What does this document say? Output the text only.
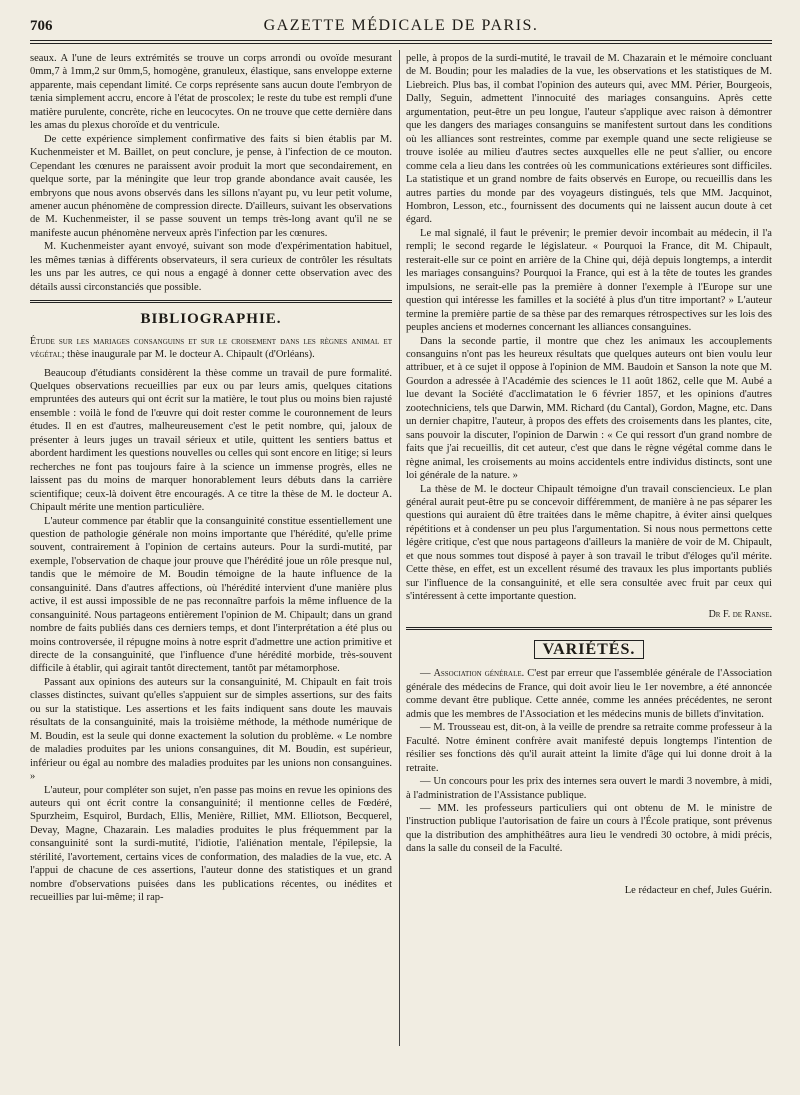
706	GAZETTE MÉDICALE DE PARIS.

seaux. A l'une de leurs extrémités se trouve un corps arrondi ou ovoïde mesurant 0mm,7 à 1mm,2 sur 0mm,5, homogène, granuleux, élastique, sans enveloppe externe apparente, mais cependant limité. Ce corps représente sans aucun doute l'embryon de tænia simplement accru, encore à l'état de proscolex; le reste du tube est rempli d'une matière purulente, concrète, riche en leucocytes. On ne trouve que cette dernière dans les amas du plexus choroïde et du ventricule.

De cette expérience simplement confirmative des faits si bien établis par M. Kuchenmeister et M. Baillet, on peut conclure, je pense, à l'infection de ce mouton. Cependant les cœnures ne paraissent avoir produit la mort que secondairement, en quelque sorte, par la méningite que leur trop grande abondance avait causée, les embryons que nous avons observés dans les sillons n'ayant pu, vu leur petit volume, amener aucun phénomène de compression directe. D'ailleurs, suivant les observations de M. Kuchenmeister, il se passe souvent un temps très-long avant qu'il ne se manifeste aucun phénomène nerveux après l'infection par les cœnures.

M. Kuchenmeister ayant envoyé, suivant son mode d'expérimentation habituel, les mêmes tænias à différents observateurs, il sera curieux de contrôler les résultats les uns par les autres, ce qui nous a engagé à donner cette observation avec des détails aussi circonstanciés que possible.

BIBLIOGRAPHIE.

Étude sur les mariages consanguins et sur le croisement dans les règnes animal et végétal; thèse inaugurale par M. le docteur A. Chipault (d'Orléans).

Beaucoup d'étudiants considèrent la thèse comme un travail de pure formalité. Quelques observations recueillies par eux ou par leurs amis, quelques citations empruntées des auteurs qui ont écrit sur la matière, le tout plus ou moins bien rajusté ensemble : voilà le fond de l'œuvre qui doit rester comme le couronnement de leurs études. Il en est d'autres, malheureusement c'est le petit nombre, qui, jaloux de présenter à leurs juges un travail sérieux et utile, quittent les sentiers battus et abordent hardiment les questions nouvelles ou celles qui sont encore en litige; si leurs recherches ne font pas toujours faire à la science un immense progrès, elles ne laissent pas du moins de marquer honorablement leurs débuts dans la carrière scientifique; ceux-là doivent être encouragés. A ce titre la thèse de M. le docteur A. Chipault mérite une mention particulière.

L'auteur commence par établir que la consanguinité constitue essentiellement une question de pathologie générale non moins importante que l'hérédité, qu'elle prime souvent, contrairement à l'opinion de certains auteurs. Pour la surdi-mutité, par exemple, l'observation de chaque jour prouve que l'hérédité joue un rôle presque nul, tandis que le mémoire de M. Boudin témoigne de la haute influence de la consanguinité. Dans d'autres affections, où l'hérédité intervient d'une manière plus active, il est aussi impossible de ne pas reconnaître parfois la même influence de la consanguinité. Nous partageons entièrement l'opinion de M. Chipault; dans un grand nombre de faits publiés dans ces derniers temps, et dont l'interprétation a été plus ou moins controversée, il répugne moins à notre esprit d'admettre une action primitive et directe de la consanguinité, que l'influence d'une hérédité morbide, très-souvent difficile à établir, qui agirait tantôt directement, tantôt par métamorphose.

Passant aux opinions des auteurs sur la consanguinité, M. Chipault en fait trois classes distinctes, suivant qu'elles s'appuient sur de simples assertions, sur des faits ou sur la statistique. Les assertions et les faits indiquent sans doute les mauvais résultats de la consanguinité, mais la troisième méthode, la méthode numérique de M. Boudin, est la seule qui donne exactement la solution du problème. « Le nombre de maladies produites par les unions consanguines, dit M. Boudin, est supérieur, inférieur ou égal au nombre des maladies produites par les unions non consanguines. »

L'auteur, pour compléter son sujet, n'en passe pas moins en revue les opinions des auteurs qui ont écrit contre la consanguinité; il mentionne celles de Fœdéré, Spurzheim, Esquirol, Burdach, Ellis, Menière, Rilliet, MM. Elliotson, Becquerel, Devay, Magne, Chazarain. Les maladies produites le plus fréquemment par la consanguinité sont la surdi-mutité, l'idiotie, l'aliénation mentale, l'épilepsie, la stérilité, l'avortement, certains vices de conformation, des maladies de la vue, etc. A l'appui de chacune de ces assertions, l'auteur donne des statistiques et un grand nombre d'observations puisées dans les publications récentes, ou inédites et recueillies par lui-même; il rap-

pelle, à propos de la surdi-mutité, le travail de M. Chazarain et le mémoire concluant de M. Boudin; pour les maladies de la vue, les observations et les statistiques de M. Liebreich. Plus bas, il combat l'opinion des auteurs qui, avec MM. Périer, Bourgeois, Dally, Seguin, admettent l'innocuité des mariages consanguins. Après cette argumentation, peut-être un peu longue, l'auteur s'applique avec raison à démontrer que les dangers des mariages consanguins se manifestent surtout dans les conditions où les alliances sont restreintes, comme par exemple quand une secte religieuse se trouve isolée au milieu d'autres sectes auxquelles elle ne peut s'allier, ou encore comme cela a lieu dans les contrées où les communications extérieures sont difficiles. La statistique et un grand nombre de faits observés en Europe, ou recueillis dans les autres parties du monde par des voyageurs distingués, tels que MM. Jacquinot, Hombron, Lesson, etc., fournissent des documents qui ne laissent aucun doute à cet égard.

Le mal signalé, il faut le prévenir; le premier devoir incombait au médecin, il l'a rempli; le second regarde le législateur. « Pourquoi la France, dit M. Chipault, resterait-elle sur ce point en arrière de la Chine qui, déjà depuis longtemps, a interdit les mariages consanguins? Pourquoi la France, qui est à la tête de toutes les grandes impulsions, ne serait-elle pas la première à donner l'exemple à l'Europe sur une question qui intéresse les familles et la société à plus d'un titre important? » L'auteur termine la première partie de sa thèse par des remarques rétrospectives sur les lois des peuples anciens et modernes concernant les alliances consanguines.

Dans la seconde partie, il montre que chez les animaux les accouplements consanguins n'ont pas les heureux résultats que quelques auteurs ont bien voulu leur attribuer, et à ce sujet il oppose à l'opinion de MM. Baudoin et Sanson la note que M. Gourdon a adressée à l'Académie des sciences le 11 août 1862, celle que M. Aubé a lue devant la Société d'acclimatation le 6 février 1857, et les opinions d'autres zootechniciens, tels que Darwin, MM. Richard (du Cantal), Gordon, Magne, etc. Dans un dernier chapitre, l'auteur, à propos des effets des croisements dans les plantes, cite, sans pouvoir la discuter, l'opinion de Darwin : « Ce qui ressort d'un grand nombre de faits que j'ai recueillis, dit cet auteur, c'est que dans le règne végétal comme dans le règne animal, les croisements au moins accidentels entre individus distincts, sont une loi générale de la nature. »

La thèse de M. le docteur Chipault témoigne d'un travail consciencieux. Le plan général aurait peut-être pu se concevoir différemment, de manière à ne pas séparer les questions qui auraient dû être traitées dans le même chapitre, à éviter ainsi quelques répétitions et à condenser un peu plus l'argumentation. Si nous nous permettons cette légère critique, c'est que nous partageons d'ailleurs la manière de voir de M. Chipault, et que nous sommes tout disposé à payer à son travail le tribut d'éloges qu'il mérite. Cette thèse, en effet, est un excellent résumé des travaux les plus importants publiés sur l'influence de la consanguinité, et elle sera consultée avec fruit par ceux qui s'intéressent à cette importante question.

Dr F. de Ranse.
VARIÉTÉS.

— Association générale. C'est par erreur que l'assemblée générale de l'Association générale des médecins de France, qui doit avoir lieu le 1er novembre, a été annoncée comme devant être publique. Cette année, comme les années précédentes, ne seront admis que les membres de l'Association et les médecins munis de billets d'invitation.

— M. Trousseau est, dit-on, à la veille de prendre sa retraite comme professeur à la Faculté. Notre éminent confrère avait manifesté depuis longtemps l'intention de résilier ses fonctions dès qu'il aurait atteint la limite d'âge qui lui donne droit à la retraite.

— Un concours pour les prix des internes sera ouvert le mardi 3 novembre, à midi, à l'administration de l'Assistance publique.

— MM. les professeurs particuliers qui ont obtenu de M. le ministre de l'instruction publique l'autorisation de faire un cours à l'École pratique, sont prévenus que la distribution des amphithéâtres aura lieu le vendredi 30 octobre, à midi précis, dans la salle du conseil de la Faculté.

Le rédacteur en chef, Jules Guérin.
